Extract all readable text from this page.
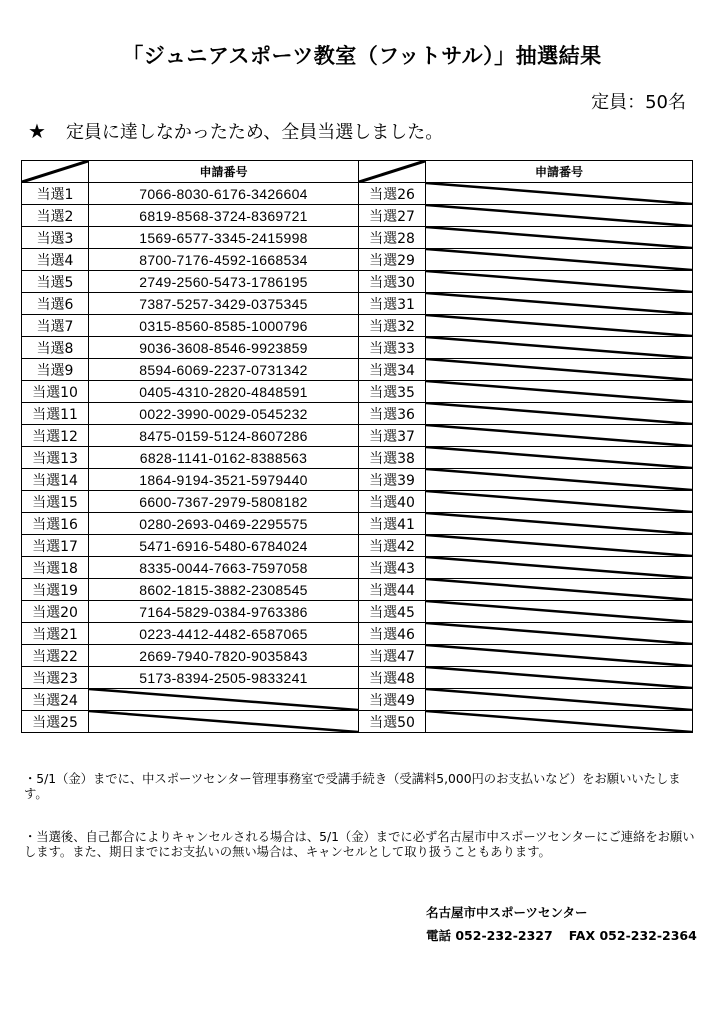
「ジュニアスポーツ教室（フットサル）」抽選結果
定員：50名
★ 定員に達しなかったため、全員当選しました。
	申請番号		申請番号
当選1	7066-8030-6176-3426604	当選26	

当選2	6819-8568-3724-8369721	当選27	

当選3	1569-6577-3345-2415998	当選28	

当選4	8700-7176-4592-1668534	当選29	

当選5	2749-2560-5473-1786195	当選30	

当選6	7387-5257-3429-0375345	当選31	

当選7	0315-8560-8585-1000796	当選32	

当選8	9036-3608-8546-9923859	当選33	

当選9	8594-6069-2237-0731342	当選34	

当選10	0405-4310-2820-4848591	当選35	

当選11	0022-3990-0029-0545232	当選36	

当選12	8475-0159-5124-8607286	当選37	

当選13	6828-1141-0162-8388563	当選38	

当選14	1864-9194-3521-5979440	当選39	

当選15	6600-7367-2979-5808182	当選40	

当選16	0280-2693-0469-2295575	当選41	

当選17	5471-6916-5480-6784024	当選42	

当選18	8335-0044-7663-7597058	当選43	

当選19	8602-1815-3882-2308545	当選44	

当選20	7164-5829-0384-9763386	当選45	

当選21	0223-4412-4482-6587065	当選46	

当選22	2669-7940-7820-9035843	当選47	

当選23	5173-8394-2505-9833241	当選48	

当選24		当選49	

当選25		当選50	
・5/1（金）までに、中スポーツセンター管理事務室で受講手続き（受講料5,000円のお支払いなど）をお願いいたします。
・当選後、自己都合によりキャンセルされる場合は、5/1（金）までに必ず名古屋市中スポーツセンターにご連絡をお願いします。また、期日までにお支払いの無い場合は、キャンセルとして取り扱うこともあります。
名古屋市中スポーツセンター
電話 052-232-2327 FAX 052-232-2364
